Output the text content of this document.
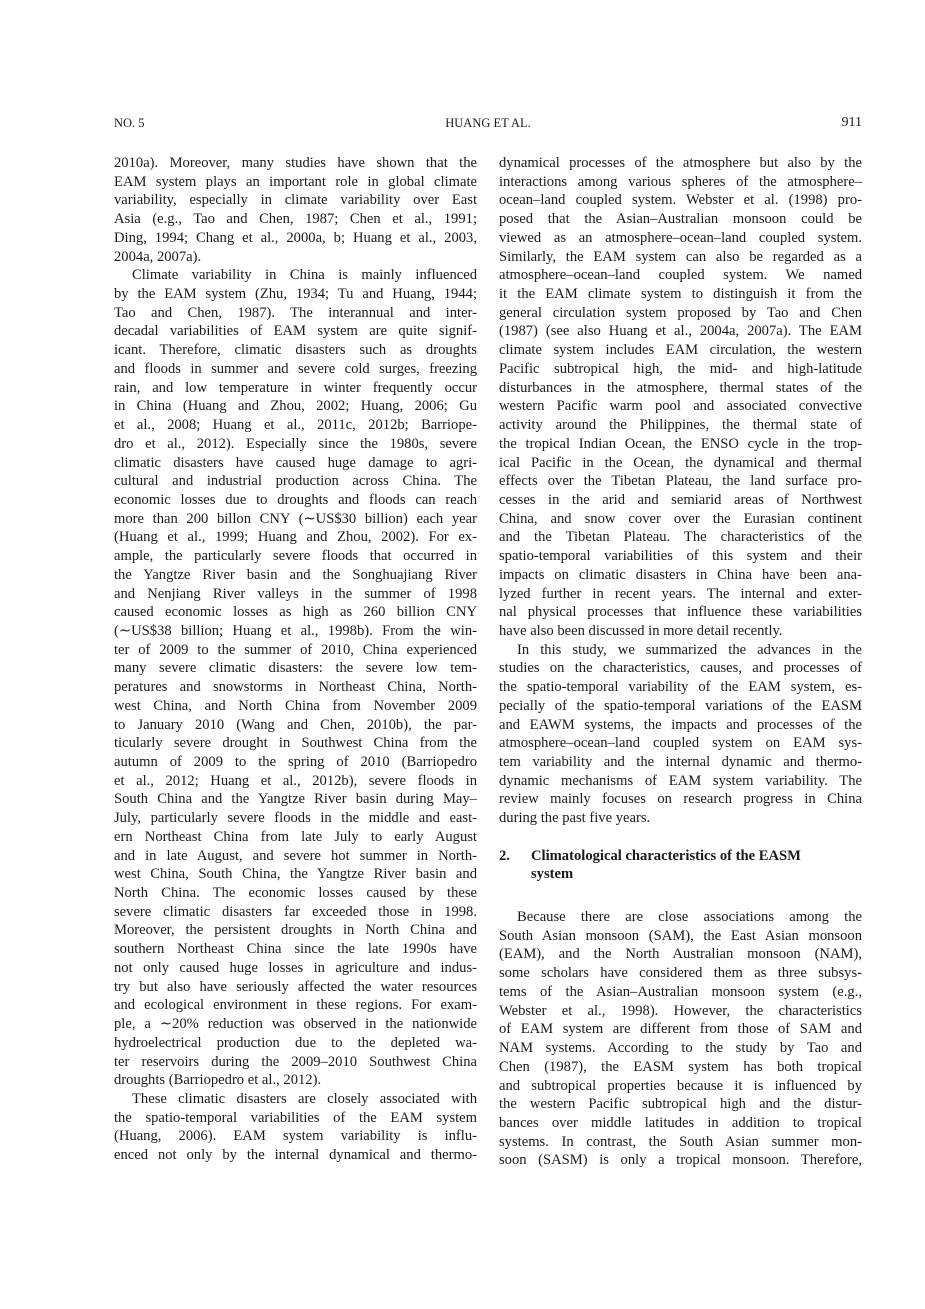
NO. 5	HUANG ET AL.	911
2010a). Moreover, many studies have shown that the
EAM system plays an important role in global climate
variability, especially in climate variability over East
Asia (e.g., Tao and Chen, 1987; Chen et al., 1991;
Ding, 1994; Chang et al., 2000a, b; Huang et al., 2003,
2004a, 2007a).
Climate variability in China is mainly influenced
by the EAM system (Zhu, 1934; Tu and Huang, 1944;
Tao and Chen, 1987). The interannual and inter-
decadal variabilities of EAM system are quite signif-
icant. Therefore, climatic disasters such as droughts
and floods in summer and severe cold surges, freezing
rain, and low temperature in winter frequently occur
in China (Huang and Zhou, 2002; Huang, 2006; Gu
et al., 2008; Huang et al., 2011c, 2012b; Barriope-
dro et al., 2012). Especially since the 1980s, severe
climatic disasters have caused huge damage to agri-
cultural and industrial production across China. The
economic losses due to droughts and floods can reach
more than 200 billon CNY (∼US$30 billion) each year
(Huang et al., 1999; Huang and Zhou, 2002). For ex-
ample, the particularly severe floods that occurred in
the Yangtze River basin and the Songhuajiang River
and Nenjiang River valleys in the summer of 1998
caused economic losses as high as 260 billion CNY
(∼US$38 billion; Huang et al., 1998b). From the win-
ter of 2009 to the summer of 2010, China experienced
many severe climatic disasters: the severe low tem-
peratures and snowstorms in Northeast China, North-
west China, and North China from November 2009
to January 2010 (Wang and Chen, 2010b), the par-
ticularly severe drought in Southwest China from the
autumn of 2009 to the spring of 2010 (Barriopedro
et al., 2012; Huang et al., 2012b), severe floods in
South China and the Yangtze River basin during May–
July, particularly severe floods in the middle and east-
ern Northeast China from late July to early August
and in late August, and severe hot summer in North-
west China, South China, the Yangtze River basin and
North China. The economic losses caused by these
severe climatic disasters far exceeded those in 1998.
Moreover, the persistent droughts in North China and
southern Northeast China since the late 1990s have
not only caused huge losses in agriculture and indus-
try but also have seriously affected the water resources
and ecological environment in these regions. For exam-
ple, a ∼20% reduction was observed in the nationwide
hydroelectrical production due to the depleted wa-
ter reservoirs during the 2009–2010 Southwest China
droughts (Barriopedro et al., 2012).
These climatic disasters are closely associated with
the spatio-temporal variabilities of the EAM system
(Huang, 2006). EAM system variability is influ-
enced not only by the internal dynamical and thermo-
dynamical processes of the atmosphere but also by the
interactions among various spheres of the atmosphere–
ocean–land coupled system. Webster et al. (1998) pro-
posed that the Asian–Australian monsoon could be
viewed as an atmosphere–ocean–land coupled system.
Similarly, the EAM system can also be regarded as a
atmosphere–ocean–land coupled system. We named
it the EAM climate system to distinguish it from the
general circulation system proposed by Tao and Chen
(1987) (see also Huang et al., 2004a, 2007a). The EAM
climate system includes EAM circulation, the western
Pacific subtropical high, the mid- and high-latitude
disturbances in the atmosphere, thermal states of the
western Pacific warm pool and associated convective
activity around the Philippines, the thermal state of
the tropical Indian Ocean, the ENSO cycle in the trop-
ical Pacific in the Ocean, the dynamical and thermal
effects over the Tibetan Plateau, the land surface pro-
cesses in the arid and semiarid areas of Northwest
China, and snow cover over the Eurasian continent
and the Tibetan Plateau. The characteristics of the
spatio-temporal variabilities of this system and their
impacts on climatic disasters in China have been ana-
lyzed further in recent years. The internal and exter-
nal physical processes that influence these variabilities
have also been discussed in more detail recently.
In this study, we summarized the advances in the
studies on the characteristics, causes, and processes of
the spatio-temporal variability of the EAM system, es-
pecially of the spatio-temporal variations of the EASM
and EAWM systems, the impacts and processes of the
atmosphere–ocean–land coupled system on EAM sys-
tem variability and the internal dynamic and thermo-
dynamic mechanisms of EAM system variability. The
review mainly focuses on research progress in China
during the past five years.
2. Climatological characteristics of the EASM
system
Because there are close associations among the
South Asian monsoon (SAM), the East Asian monsoon
(EAM), and the North Australian monsoon (NAM),
some scholars have considered them as three subsys-
tems of the Asian–Australian monsoon system (e.g.,
Webster et al., 1998). However, the characteristics
of EAM system are different from those of SAM and
NAM systems. According to the study by Tao and
Chen (1987), the EASM system has both tropical
and subtropical properties because it is influenced by
the western Pacific subtropical high and the distur-
bances over middle latitudes in addition to tropical
systems. In contrast, the South Asian summer mon-
soon (SASM) is only a tropical monsoon. Therefore,
